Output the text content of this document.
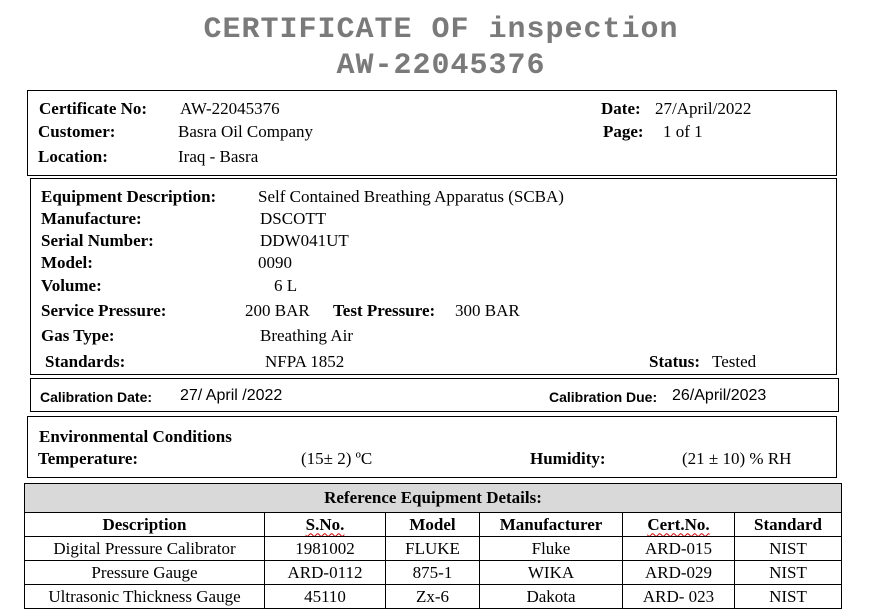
CERTIFICATE OF inspection
AW-22045376
Certificate No: AW-22045376
Customer:	Basra Oil Company
Location:	Iraq - Basra
Date: 27/April/2022
Page: 1 of 1
Equipment Description: Self Contained Breathing Apparatus (SCBA)
Manufacture:	DSCOTT
Serial Number:	DDW041UT
Model:	0090
Volume:	6 L
Service Pressure:	200 BAR Test Pressure: 300 BAR
Gas Type:	Breathing Air
Standards:	NFPA 1852	Status: Tested
Calibration Date: 27/ April /2022	Calibration Due: 26/April/2023
Environmental Conditions
Temperature:	(15± 2) ºC	Humidity:	(21 ± 10) % RH
Reference Equipment Details:					
Description	S.No.	Model	Manufacturer	Cert.No.	Standard
Digital Pressure Calibrator	1981002	FLUKE	Fluke	ARD-015	NIST
Pressure Gauge	ARD-0112	875-1	WIKA	ARD-029	NIST
Ultrasonic Thickness Gauge	45110	Zx-6	Dakota	ARD- 023	NIST
